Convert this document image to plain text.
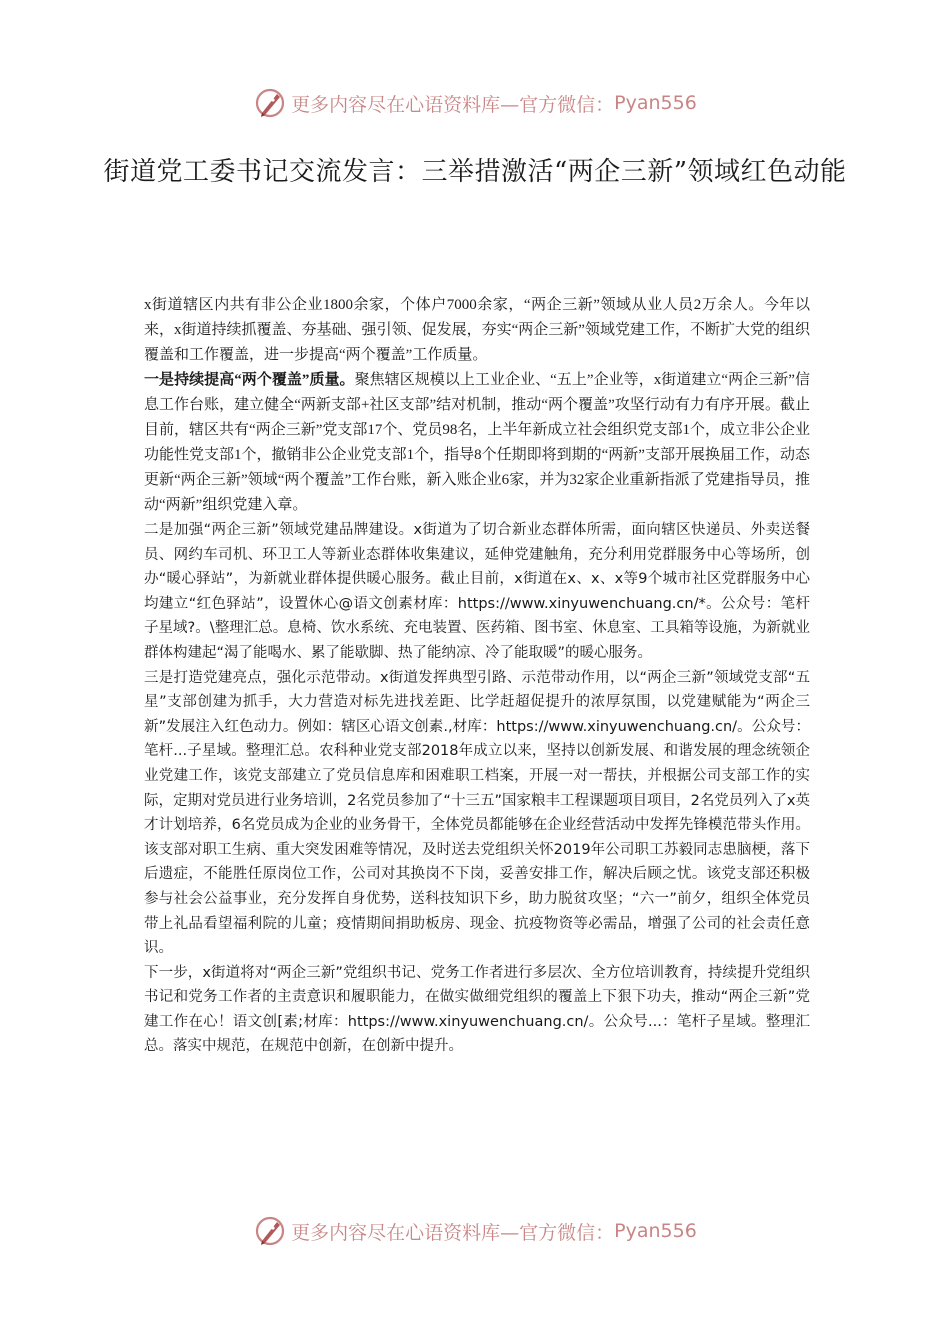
更多内容尽在心语资料库—官方微信： Pyan556
街道党工委书记交流发言：三举措激活“两企三新”领域红色动能

x街道辖区内共有非公企业1800余家，个体户7000余家，“两企三新”领域从业人员2万余人。今年以来，x街道持续抓覆盖、夯基础、强引领、促发展，夯实“两企三新”领域党建工作，不断扩大党的组织覆盖和工作覆盖，进一步提高“两个覆盖”工作质量。

一是持续提高“两个覆盖”质量。聚焦辖区规模以上工业企业、“五上”企业等，x街道建立“两企三新”信息工作台账，建立健全“两新支部+社区支部”结对机制，推动“两个覆盖”攻坚行动有力有序开展。截止目前，辖区共有“两企三新”党支部17个、党员98名，上半年新成立社会组织党支部1个，成立非公企业功能性党支部1个，撤销非公企业党支部1个，指导8个任期即将到期的“两新”支部开展换届工作，动态更新“两企三新”领域“两个覆盖”工作台账，新入账企业6家，并为32家企业重新指派了党建指导员，推动“两新”组织党建入章。

二是加强“两企三新”领域党建品牌建设。x街道为了切合新业态群体所需，面向辖区快递员、外卖送餐员、网约车司机、环卫工人等新业态群体收集建议，延伸党建触角，充分利用党群服务中心等场所，创办“暖心驿站”，为新就业群体提供暖心服务。截止目前，x街道在x、x、x等9个城市社区党群服务中心均建立“红色驿站”，设置休心@语文创素材库：https://www.xinyuwenchuang.cn/*。公众号：笔杆子星域?。\整理汇总。息椅、饮水系统、充电装置、医药箱、图书室、休息室、工具箱等设施，为新就业群体构建起“渴了能喝水、累了能歇脚、热了能纳凉、冷了能取暖”的暖心服务。

三是打造党建亮点，强化示范带动。x街道发挥典型引路、示范带动作用，以“两企三新”领域党支部“五星”支部创建为抓手，大力营造对标先进找差距、比学赶超促提升的浓厚氛围，以党建赋能为“两企三新”发展注入红色动力。例如：辖区心语文创素.,材库：https://www.xinyuwenchuang.cn/。公众号：笔杆...子星域。整理汇总。农科种业党支部2018年成立以来，坚持以创新发展、和谐发展的理念统领企业党建工作，该党支部建立了党员信息库和困难职工档案，开展一对一帮扶，并根据公司支部工作的实际，定期对党员进行业务培训，2名党员参加了“十三五”国家粮丰工程课题项目项目，2名党员列入了x英才计划培养，6名党员成为企业的业务骨干，全体党员都能够在企业经营活动中发挥先锋模范带头作用。该支部对职工生病、重大突发困难等情况，及时送去党组织关怀2019年公司职工苏毅同志患脑梗，落下后遗症，不能胜任原岗位工作，公司对其换岗不下岗，妥善安排工作，解决后顾之忧。该党支部还积极参与社会公益事业，充分发挥自身优势，送科技知识下乡，助力脱贫攻坚；“六一”前夕，组织全体党员带上礼品看望福利院的儿童；疫情期间捐助板房、现金、抗疫物资等必需品，增强了公司的社会责任意识。

下一步，x街道将对“两企三新”党组织书记、党务工作者进行多层次、全方位培训教育，持续提升党组织书记和党务工作者的主责意识和履职能力，在做实做细党组织的覆盖上下狠下功夫，推动“两企三新”党建工作在心！语文创[素;材库：https://www.xinyuwenchuang.cn/。公众号...：笔杆子星域。整理汇总。落实中规范，在规范中创新，在创新中提升。

更多内容尽在心语资料库—官方微信： Pyan556
